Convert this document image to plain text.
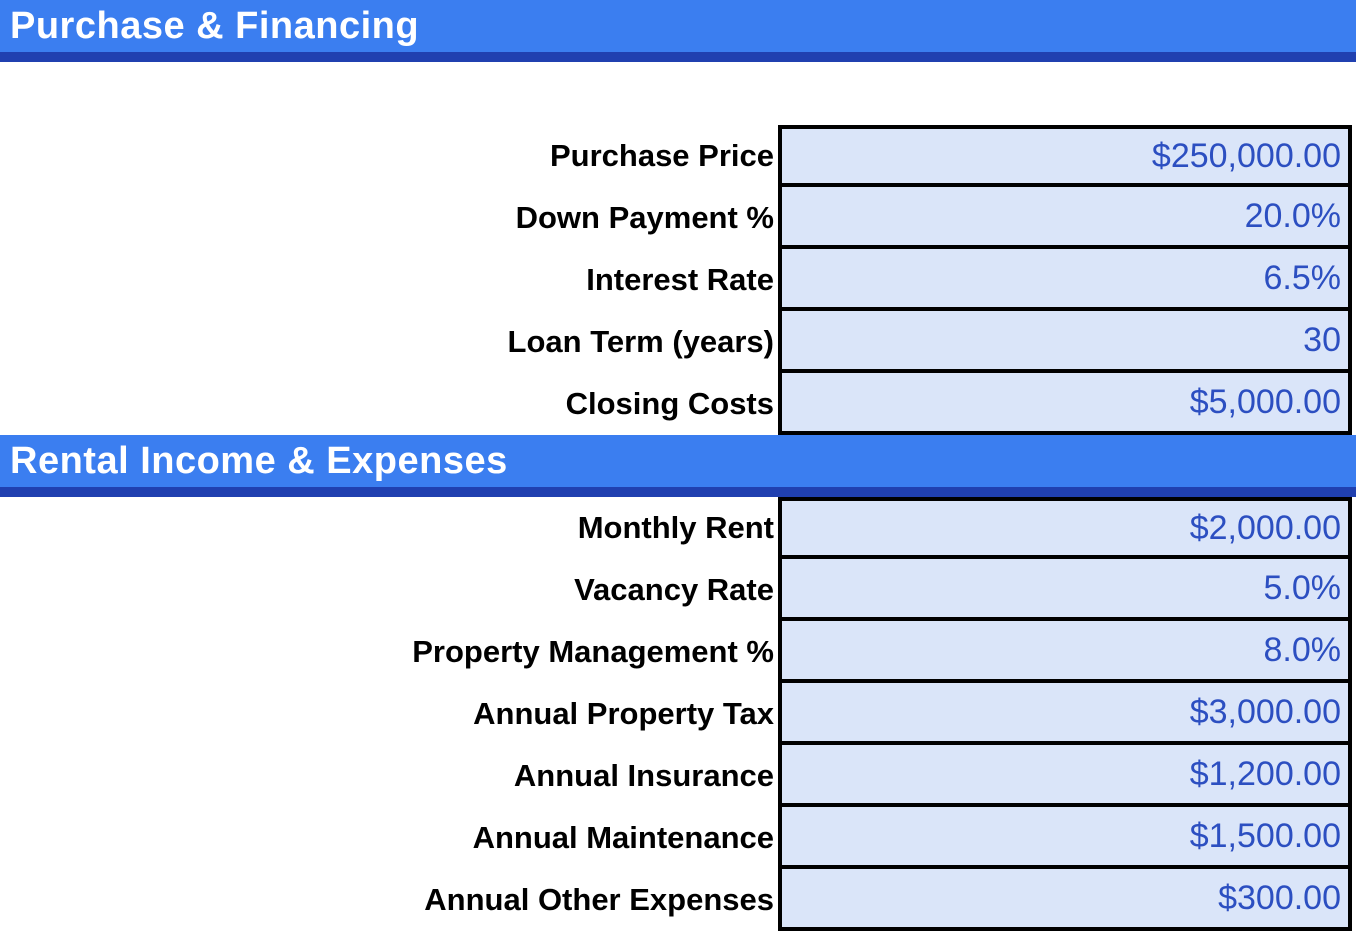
Purchase & Financing
Purchase Price	$250,000.00
Down Payment %	20.0%
Interest Rate	6.5%
Loan Term (years)	30
Closing Costs	$5,000.00
Rental Income & Expenses
Monthly Rent	$2,000.00
Vacancy Rate	5.0%
Property Management %	8.0%
Annual Property Tax	$3,000.00
Annual Insurance	$1,200.00
Annual Maintenance	$1,500.00
Annual Other Expenses	$300.00
